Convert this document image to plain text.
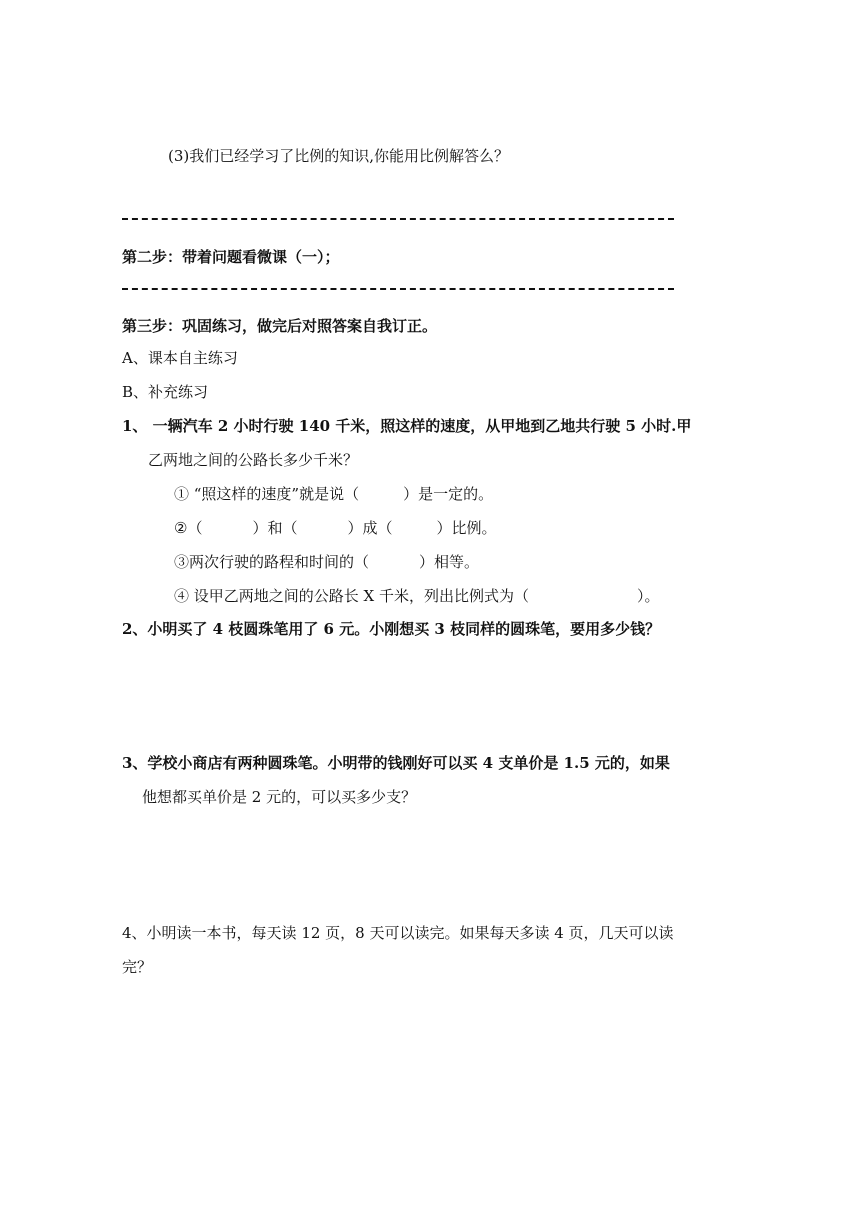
(3)我们已经学习了比例的知识,你能用比例解答么？
第二步：带着问题看微课（一）；
第三步：巩固练习，做完后对照答案自我订正。
A、课本自主练习
B、补充练习
1、 一辆汽车 2 小时行驶 140 千米，照这样的速度，从甲地到乙地共行驶 5 小时.甲
乙两地之间的公路长多少千米？
① “照这样的速度”就是说（	）是一定的。
②（	）和（	）成（	）比例。
③两次行驶的路程和时间的（	）相等。
④ 设甲乙两地之间的公路长 X 千米，列出比例式为（	）。
2、小明买了 4 枝圆珠笔用了 6 元。小刚想买 3 枝同样的圆珠笔，要用多少钱？
3、学校小商店有两种圆珠笔。小明带的钱刚好可以买 4 支单价是 1.5 元的，如果
他想都买单价是 2 元的，可以买多少支？
4、小明读一本书，每天读 12 页，8 天可以读完。如果每天多读 4 页，几天可以读
完？
